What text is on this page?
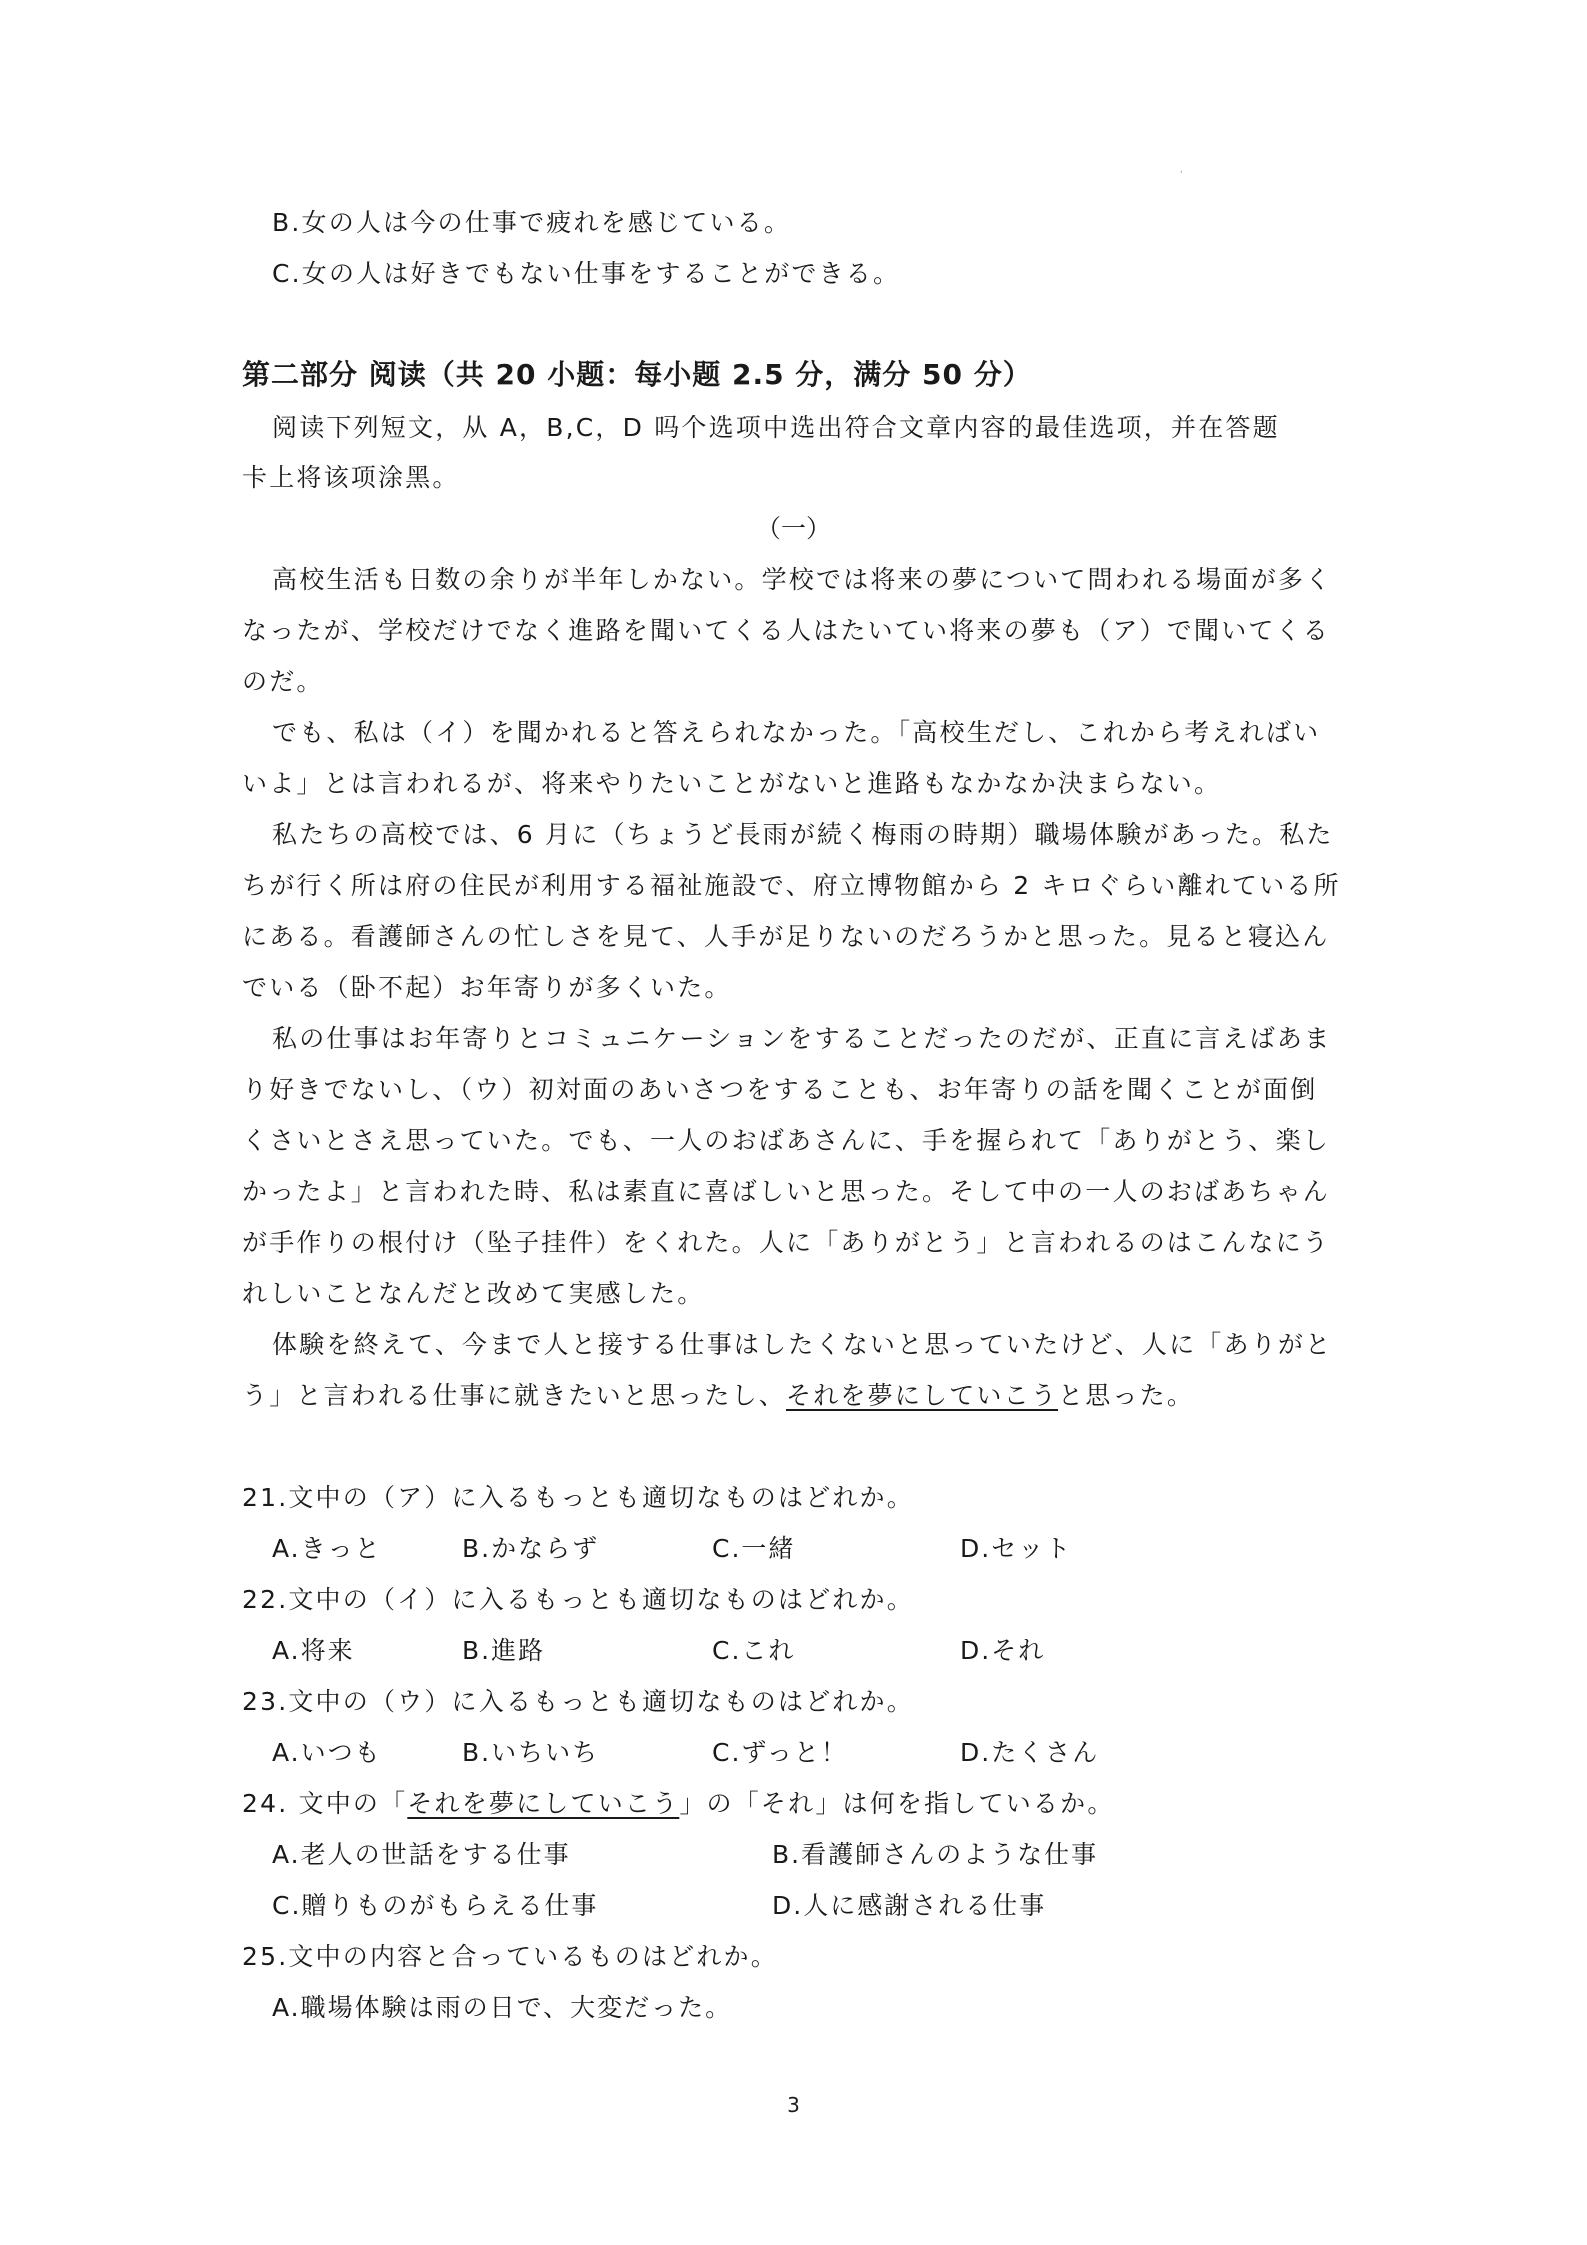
'
B.女の人は今の仕事で疲れを感じている。
C.女の人は好きでもない仕事をすることができる。
第二部分 阅读（共 20 小题：每小题 2.5 分，满分 50 分）
阅读下列短文，从 A，B,C，D 吗个选项中选出符合文章内容的最佳选项，并在答题
卡上将该项涂黑。
（一）
高校生活も日数の余りが半年しかない。学校では将来の夢について問われる場面が多く
なったが、学校だけでなく進路を聞いてくる人はたいてい将来の夢も（ア）で聞いてくる
のだ。
でも、私は（イ）を聞かれると答えられなかった。「高校生だし、これから考えればい
いよ」とは言われるが、将来やりたいことがないと進路もなかなか決まらない。
私たちの高校では、6 月に（ちょうど長雨が続く梅雨の時期）職場体験があった。私た
ちが行く所は府の住民が利用する福祉施設で、府立博物館から 2 キロぐらい離れている所
にある。看護師さんの忙しさを見て、人手が足りないのだろうかと思った。見ると寝込ん
でいる（卧不起）お年寄りが多くいた。
私の仕事はお年寄りとコミュニケーションをすることだったのだが、正直に言えばあま
り好きでないし、（ウ）初対面のあいさつをすることも、お年寄りの話を聞くことが面倒
くさいとさえ思っていた。でも、一人のおばあさんに、手を握られて「ありがとう、楽し
かったよ」と言われた時、私は素直に喜ばしいと思った。そして中の一人のおばあちゃん
が手作りの根付け（坠子挂件）をくれた。人に「ありがとう」と言われるのはこんなにう
れしいことなんだと改めて実感した。
体験を終えて、今まで人と接する仕事はしたくないと思っていたけど、人に「ありがと
う」と言われる仕事に就きたいと思ったし、それを夢にしていこうと思った。
21.文中の（ア）に入るもっとも適切なものはどれか。
A.きっと	B.かならず	C.一緒	D.セット
22.文中の（イ）に入るもっとも適切なものはどれか。
A.将来	B.進路	C.これ	D.それ
23.文中の（ウ）に入るもっとも適切なものはどれか。
A.いつも	B.いちいち	C.ずっと！	D.たくさん
24. 文中の「それを夢にしていこう」の「それ」は何を指しているか。
A.老人の世話をする仕事	B.看護師さんのような仕事
C.贈りものがもらえる仕事	D.人に感謝される仕事
25.文中の内容と合っているものはどれか。
A.職場体験は雨の日で、大変だった。
3
